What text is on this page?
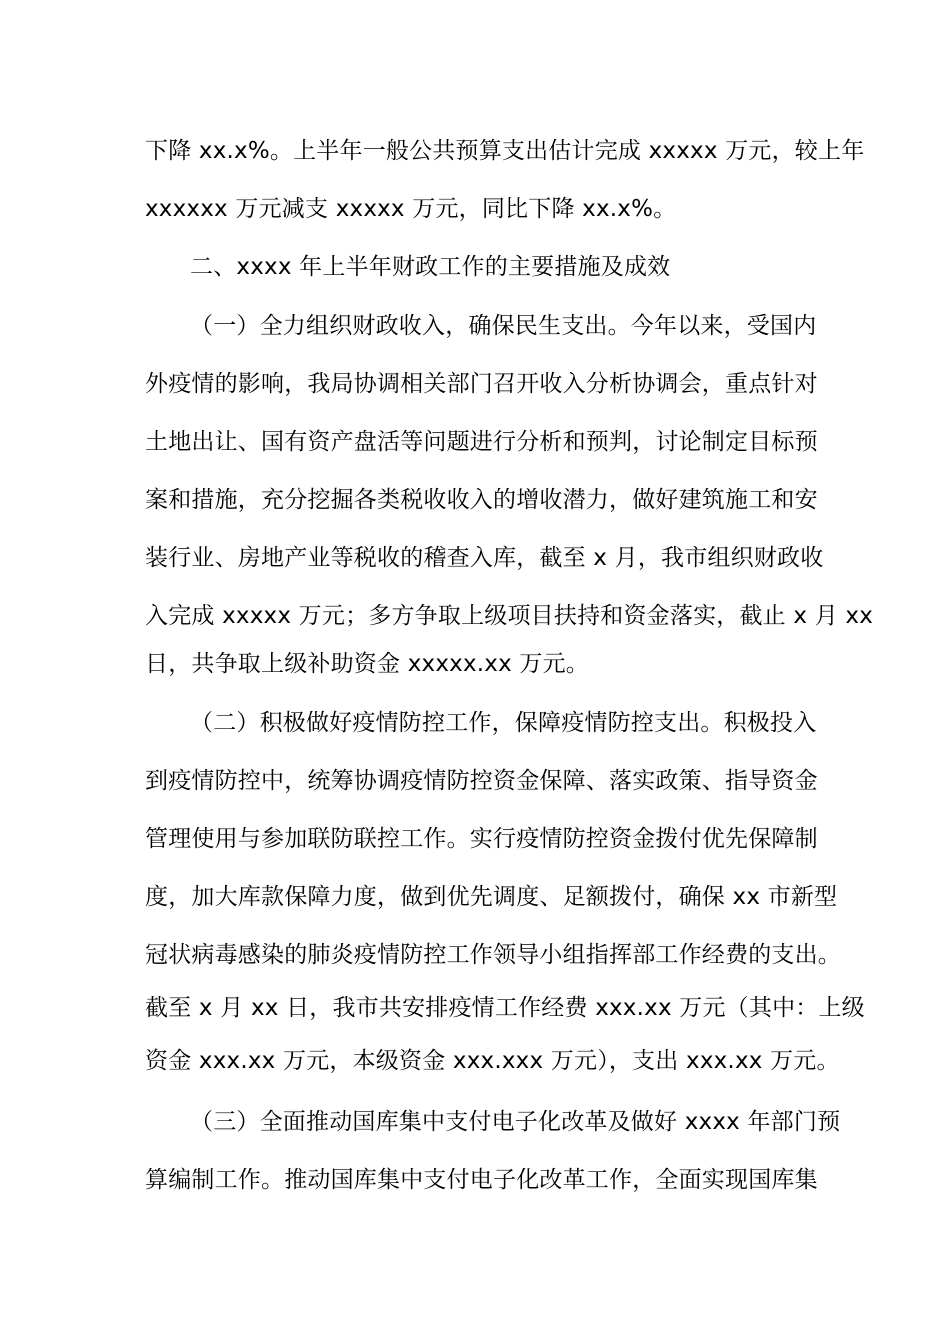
下降 xx.x%。上半年一般公共预算支出估计完成 xxxxx 万元，较上年
xxxxxx 万元减支 xxxxx 万元，同比下降 xx.x%。
二、xxxx 年上半年财政工作的主要措施及成效
（一）全力组织财政收入，确保民生支出。今年以来，受国内
外疫情的影响，我局协调相关部门召开收入分析协调会，重点针对
土地出让、国有资产盘活等问题进行分析和预判，讨论制定目标预
案和措施，充分挖掘各类税收收入的增收潜力，做好建筑施工和安
装行业、房地产业等税收的稽查入库，截至 x 月，我市组织财政收
入完成 xxxxx 万元；多方争取上级项目扶持和资金落实，截止 x 月 xx
日，共争取上级补助资金 xxxxx.xx 万元。
（二）积极做好疫情防控工作，保障疫情防控支出。积极投入
到疫情防控中，统筹协调疫情防控资金保障、落实政策、指导资金
管理使用与参加联防联控工作。实行疫情防控资金拨付优先保障制
度，加大库款保障力度，做到优先调度、足额拨付，确保 xx 市新型
冠状病毒感染的肺炎疫情防控工作领导小组指挥部工作经费的支出。
截至 x 月 xx 日，我市共安排疫情工作经费 xxx.xx 万元（其中：上级
资金 xxx.xx 万元，本级资金 xxx.xxx 万元），支出 xxx.xx 万元。
（三）全面推动国库集中支付电子化改革及做好 xxxx 年部门预
算编制工作。推动国库集中支付电子化改革工作，全面实现国库集
